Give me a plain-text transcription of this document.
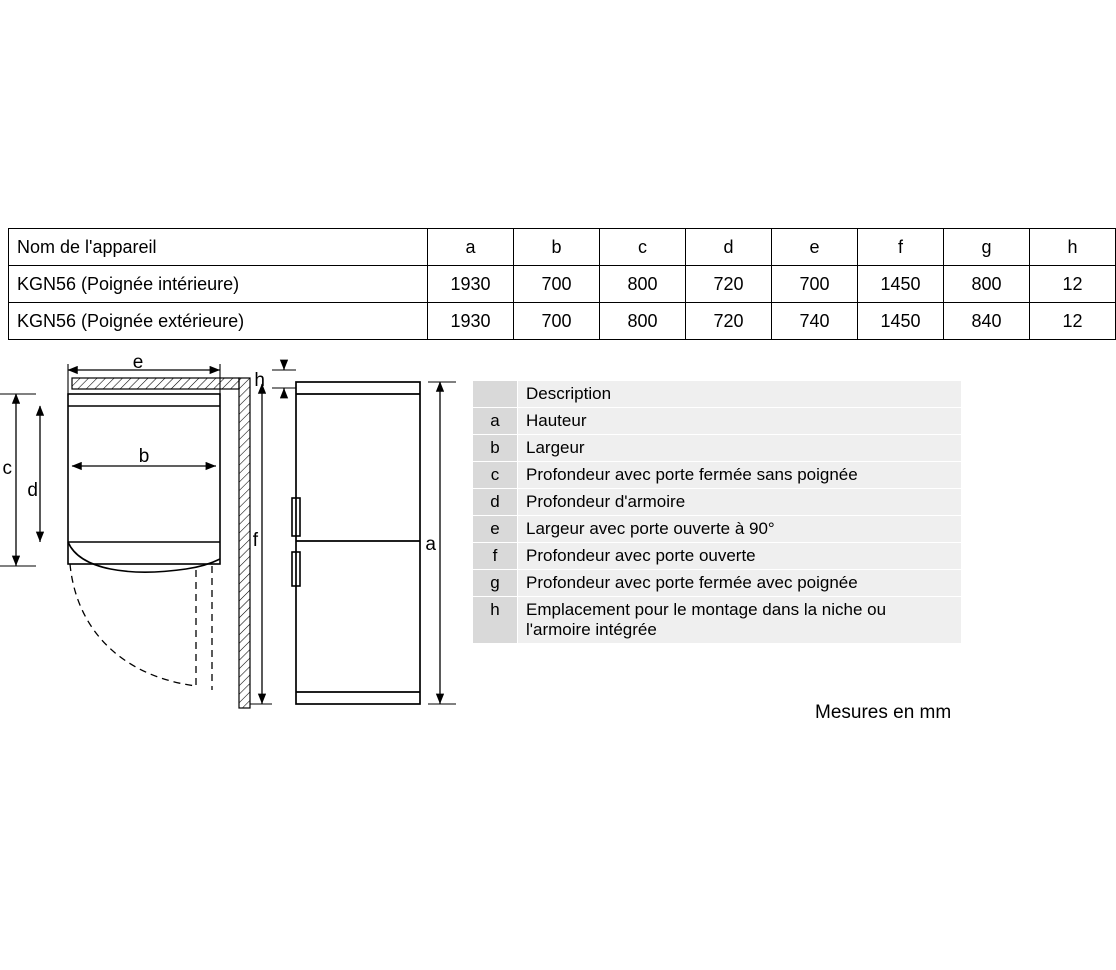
Nom de l'appareil	a	b	c	d	e	f	g	h
KGN56 (Poignée intérieure)	1930	700	800	720	700	1450	800	12
KGN56 (Poignée extérieure)	1930	700	800	720	740	1450	840	12
	Description
a	Hauteur
b	Largeur
c	Profondeur avec porte fermée sans poignée
d	Profondeur d'armoire
e	Largeur avec porte ouverte à 90°
f	Profondeur avec porte ouverte
g	Profondeur avec porte fermée avec poignée
h	Emplacement pour le montage dans la niche ou l'armoire intégrée
Mesures en mm
e
b
c
d
f
h
a
